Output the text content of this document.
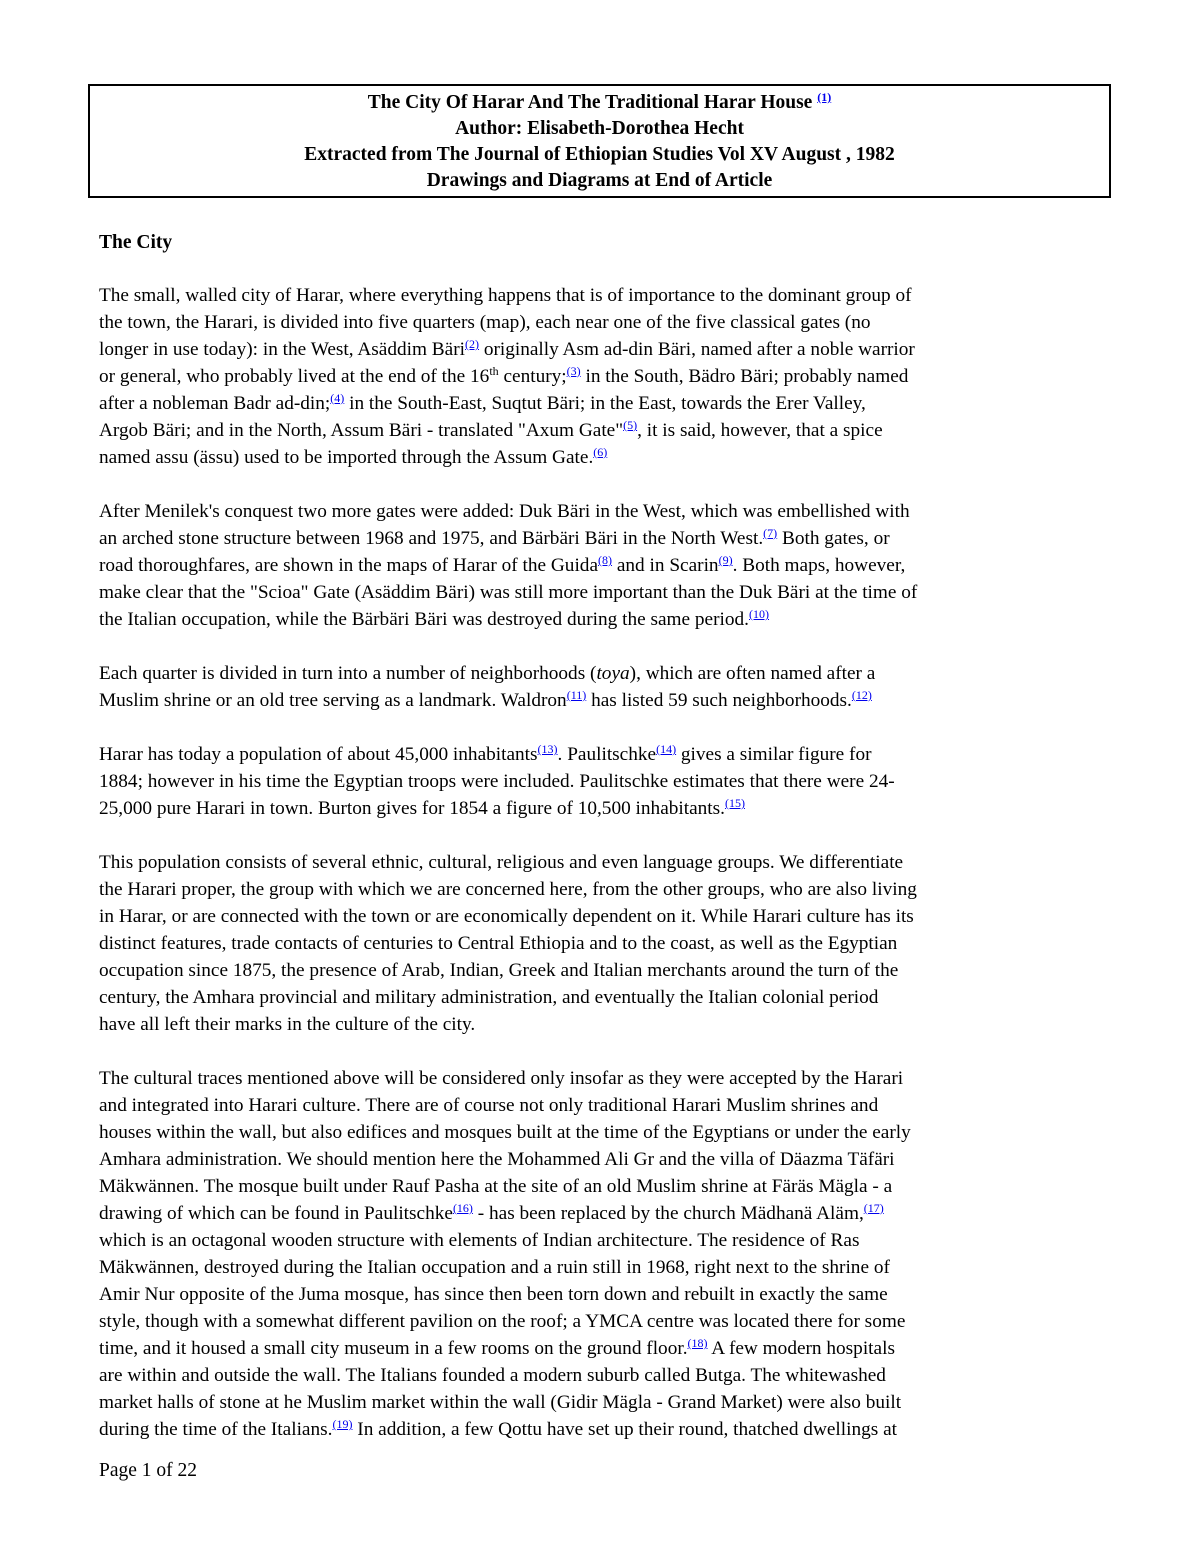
The City Of Harar And The Traditional Harar House $^{(1)}$
Author: Elisabeth-Dorothea Hecht
Extracted from The Journal of Ethiopian Studies Vol XV August , 1982
Drawings and Diagrams at End of Article
The City
The small, walled city of Harar, where everything happens that is of importance to the dominant group of
the town, the Harari, is divided into five quarters (map), each near one of the five classical gates (no
longer in use today): in the West, Asäddim Bäri$^{(2)}$ originally Asm ad-din Bäri, named after a noble warrior
or general, who probably lived at the end of the 16th century;$^{(3)}$ in the South, Bädro Bäri; probably named
after a nobleman Badr ad-din;$^{(4)}$ in the South-East, Suqtut Bäri; in the East, towards the Erer Valley,
Argob Bäri; and in the North, Assum Bäri - translated "Axum Gate"$^{(5)}$, it is said, however, that a spice
named assu (ässu) used to be imported through the Assum Gate.$^{(6)}$
After Menilek's conquest two more gates were added: Duk Bäri in the West, which was embellished with
an arched stone structure between 1968 and 1975, and Bärbäri Bäri in the North West.$^{(7)}$ Both gates, or
road thoroughfares, are shown in the maps of Harar of the Guida$^{(8)}$ and in Scarin$^{(9)}$. Both maps, however,
make clear that the "Scioa" Gate (Asäddim Bäri) was still more important than the Duk Bäri at the time of
the Italian occupation, while the Bärbäri Bäri was destroyed during the same period.$^{(10)}$
Each quarter is divided in turn into a number of neighborhoods (toya), which are often named after a
Muslim shrine or an old tree serving as a landmark. Waldron$^{(11)}$ has listed 59 such neighborhoods.$^{(12)}$
Harar has today a population of about 45,000 inhabitants$^{(13)}$. Paulitschke$^{(14)}$ gives a similar figure for
1884; however in his time the Egyptian troops were included. Paulitschke estimates that there were 24-
25,000 pure Harari in town. Burton gives for 1854 a figure of 10,500 inhabitants.$^{(15)}$
This population consists of several ethnic, cultural, religious and even language groups. We differentiate
the Harari proper, the group with which we are concerned here, from the other groups, who are also living
in Harar, or are connected with the town or are economically dependent on it. While Harari culture has its
distinct features, trade contacts of centuries to Central Ethiopia and to the coast, as well as the Egyptian
occupation since 1875, the presence of Arab, Indian, Greek and Italian merchants around the turn of the
century, the Amhara provincial and military administration, and eventually the Italian colonial period
have all left their marks in the culture of the city.
The cultural traces mentioned above will be considered only insofar as they were accepted by the Harari
and integrated into Harari culture. There are of course not only traditional Harari Muslim shrines and
houses within the wall, but also edifices and mosques built at the time of the Egyptians or under the early
Amhara administration. We should mention here the Mohammed Ali Gr and the villa of Däazma Täfäri
Mäkwännen. The mosque built under Rauf Pasha at the site of an old Muslim shrine at Färäs Mägla - a
drawing of which can be found in Paulitschke$^{(16)}$ - has been replaced by the church Mädhanä Aläm,$^{(17)}$
which is an octagonal wooden structure with elements of Indian architecture. The residence of Ras
Mäkwännen, destroyed during the Italian occupation and a ruin still in 1968, right next to the shrine of
Amir Nur opposite of the Juma mosque, has since then been torn down and rebuilt in exactly the same
style, though with a somewhat different pavilion on the roof; a YMCA centre was located there for some
time, and it housed a small city museum in a few rooms on the ground floor.$^{(18)}$ A few modern hospitals
are within and outside the wall. The Italians founded a modern suburb called Butga. The whitewashed
market halls of stone at he Muslim market within the wall (Gidir Mägla - Grand Market) were also built
during the time of the Italians.$^{(19)}$ In addition, a few Qottu have set up their round, thatched dwellings at
Page 1 of 22
